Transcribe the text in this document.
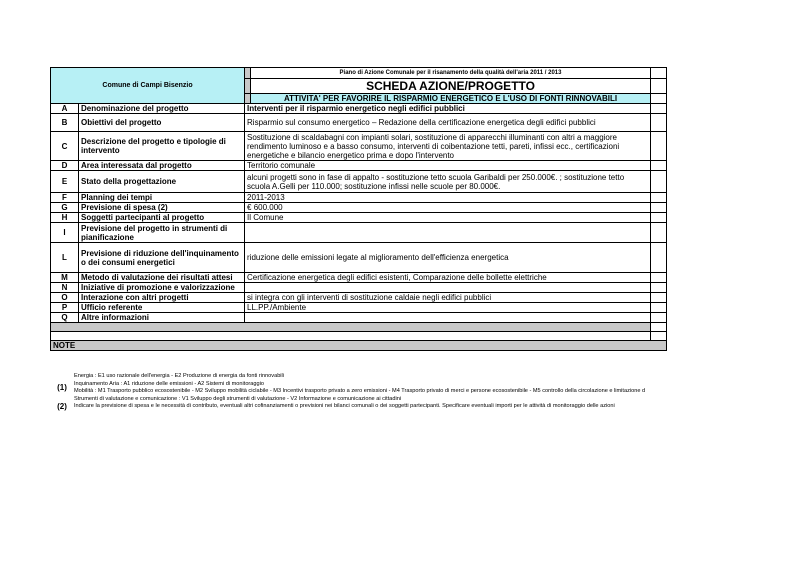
Comune di Campi Bisenzio			Piano di Azione Comunale per il risanamento della qualità dell'aria 2011 / 2013	
			SCHEDA AZIONE/PROGETTO	
			ATTIVITA' PER FAVORIRE IL RISPARMIO ENERGETICO E L'USO DI FONTI RINNOVABILI	
A	Denominazione del progetto	Interventi per il risparmio energetico negli edifici pubblici		
B	Obiettivi del progetto	Risparmio sul consumo energetico – Redazione della certificazione energetica degli edifici pubblici		
C	Descrizione del progetto e tipologie di intervento	Sostituzione di scaldabagni con impianti solari, sostituzione di apparecchi illuminanti con altri a maggiore rendimento luminoso e a basso consumo, interventi di coibentazione tetti, pareti, infissi ecc., certificazioni energetiche e bilancio energetico prima e dopo l'intervento		
D	Area interessata dal progetto	Territorio comunale		
E	Stato della progettazione	alcuni progetti sono in fase di appalto - sostituzione tetto scuola Garibaldi per 250.000€. ; sostituzione tetto scuola A.Gelli per 110.000; sostituzione infissi nelle scuole per 80.000€.		
F	Planning dei tempi	2011-2013		
G	Previsione di spesa (2)	€ 600.000		
H	Soggetti partecipanti al progetto	Il Comune		
I	Previsione del progetto in strumenti di pianificazione			
L	Previsione di riduzione dell'inquinamento o dei consumi energetici	riduzione delle emissioni legate al miglioramento dell'efficienza energetica		
M	Metodo di valutazione dei risultati attesi	Certificazione energetica degli edifici esistenti, Comparazione delle bollette elettriche		
N	Iniziative di promozione e valorizzazione			
O	Interazione con altri progetti	si integra con gli interventi di sostituzione caldaie negli edifici pubblici		
P	Ufficio referente	LL.PP./Ambiente		
Q	Altre informazioni			

NOTE				
(1)
Energia : E1 uso razionale dell'energia - E2 Produzione di energia da fonti rinnovabili
Inquinamento Aria : A1 riduzione delle emissioni - A2 Sistemi di monitoraggio
Mobilità : M1 Trasporto pubblico ecosostenibile - M2 Sviluppo mobilità ciclabile - M3 Incentivi trasporto privato a zero emissioni - M4 Trasporto privato di merci e persone ecosostenibile - M5 controllo della circolazione e limitazione d
Strumenti di valutazione e comunicazione : V1 Sviluppo degli strumenti di valutazione - V2 Informazione e comunicazione ai cittadini
(2)	Indicare la previsione di spesa e le necessità di contributo, eventuali altri cofinanziamenti o previsioni nei bilanci comunali o dei soggetti partecipanti. Specificare eventuali importi per le attività di monitoraggio delle azioni
